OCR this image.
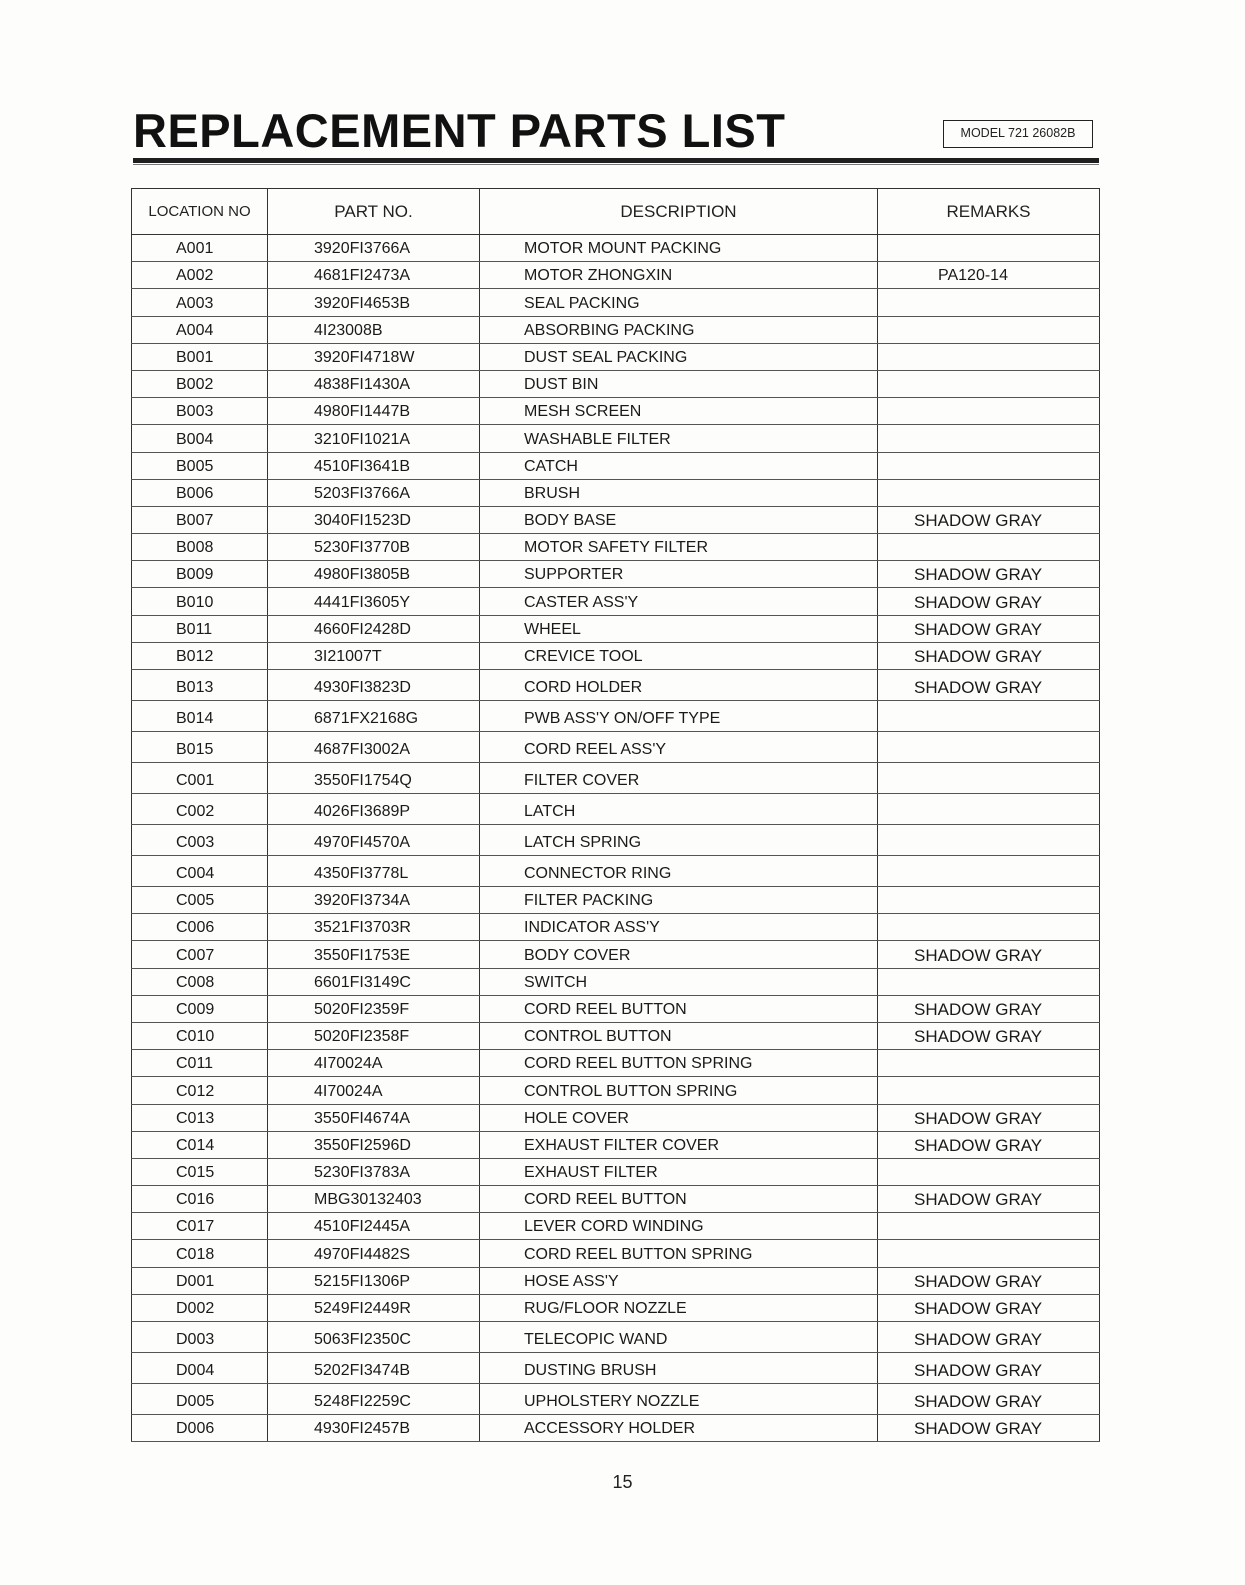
REPLACEMENT PARTS LIST	MODEL 721 26082B
LOCATION NO	PART NO.	DESCRIPTION	REMARKS
A001	3920FI3766A	MOTOR MOUNT PACKING	
A002	4681FI2473A	MOTOR ZHONGXIN	PA120-14
A003	3920FI4653B	SEAL PACKING	
A004	4I23008B	ABSORBING PACKING	
B001	3920FI4718W	DUST SEAL PACKING	
B002	4838FI1430A	DUST BIN	
B003	4980FI1447B	MESH SCREEN	
B004	3210FI1021A	WASHABLE FILTER	
B005	4510FI3641B	CATCH	
B006	5203FI3766A	BRUSH	
B007	3040FI1523D	BODY BASE	SHADOW GRAY
B008	5230FI3770B	MOTOR SAFETY FILTER	
B009	4980FI3805B	SUPPORTER	SHADOW GRAY
B010	4441FI3605Y	CASTER ASS'Y	SHADOW GRAY
B011	4660FI2428D	WHEEL	SHADOW GRAY
B012	3I21007T	CREVICE TOOL	SHADOW GRAY
B013	4930FI3823D	CORD HOLDER	SHADOW GRAY
B014	6871FX2168G	PWB ASS'Y ON/OFF TYPE	
B015	4687FI3002A	CORD REEL ASS'Y	
C001	3550FI1754Q	FILTER COVER	
C002	4026FI3689P	LATCH	
C003	4970FI4570A	LATCH SPRING	
C004	4350FI3778L	CONNECTOR RING	
C005	3920FI3734A	FILTER PACKING	
C006	3521FI3703R	INDICATOR ASS'Y	
C007	3550FI1753E	BODY COVER	SHADOW GRAY
C008	6601FI3149C	SWITCH	
C009	5020FI2359F	CORD REEL BUTTON	SHADOW GRAY
C010	5020FI2358F	CONTROL BUTTON	SHADOW GRAY
C011	4I70024A	CORD REEL BUTTON SPRING	
C012	4I70024A	CONTROL BUTTON SPRING	
C013	3550FI4674A	HOLE COVER	SHADOW GRAY
C014	3550FI2596D	EXHAUST FILTER COVER	SHADOW GRAY
C015	5230FI3783A	EXHAUST FILTER	
C016	MBG30132403	CORD REEL BUTTON	SHADOW GRAY
C017	4510FI2445A	LEVER CORD WINDING	
C018	4970FI4482S	CORD REEL BUTTON SPRING	
D001	5215FI1306P	HOSE ASS'Y	SHADOW GRAY
D002	5249FI2449R	RUG/FLOOR NOZZLE	SHADOW GRAY
D003	5063FI2350C	TELECOPIC WAND	SHADOW GRAY
D004	5202FI3474B	DUSTING BRUSH	SHADOW GRAY
D005	5248FI2259C	UPHOLSTERY NOZZLE	SHADOW GRAY
D006	4930FI2457B	ACCESSORY HOLDER	SHADOW GRAY
15
